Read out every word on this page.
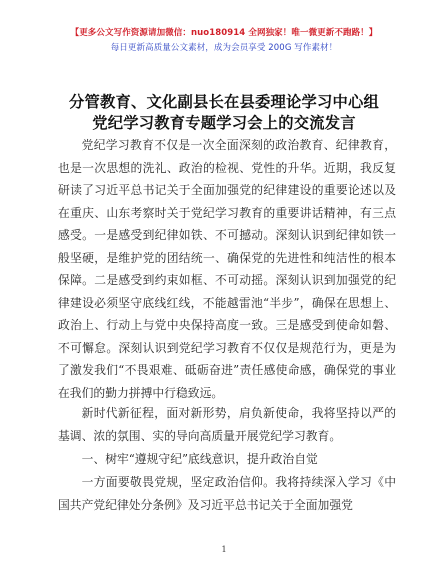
【更多公文写作资源请加微信：nuo180914 全网独家！唯一微更新不跑路！】
每日更新高质量公文素材，成为会员享受 200G 写作素材！
分管教育、文化副县长在县委理论学习中心组
党纪学习教育专题学习会上的交流发言

党纪学习教育不仅是一次全面深刻的政治教育、纪律教育，也是一次思想的洗礼、政治的检视、党性的升华。近期，我反复研读了习近平总书记关于全面加强党的纪律建设的重要论述以及在重庆、山东考察时关于党纪学习教育的重要讲话精神，有三点感受。一是感受到纪律如铁、不可撼动。深刻认识到纪律如铁一般坚硬，是维护党的团结统一、确保党的先进性和纯洁性的根本保障。二是感受到约束如框、不可动摇。深刻认识到加强党的纪律建设必须坚守底线红线，不能越雷池“半步”，确保在思想上、政治上、行动上与党中央保持高度一致。三是感受到使命如磐、不可懈怠。深刻认识到党纪学习教育不仅仅是规范行为，更是为了激发我们“不畏艰难、砥砺奋进”责任感使命感，确保党的事业在我们的勤力拼搏中行稳致远。

新时代新征程，面对新形势，肩负新使命，我将坚持以严的基调、浓的氛围、实的导向高质量开展党纪学习教育。

一、树牢“遵规守纪”底线意识，提升政治自觉

一方面要敬畏党规，坚定政治信仰。我将持续深入学习《中国共产党纪律处分条例》及习近平总书记关于全面加强党

1
